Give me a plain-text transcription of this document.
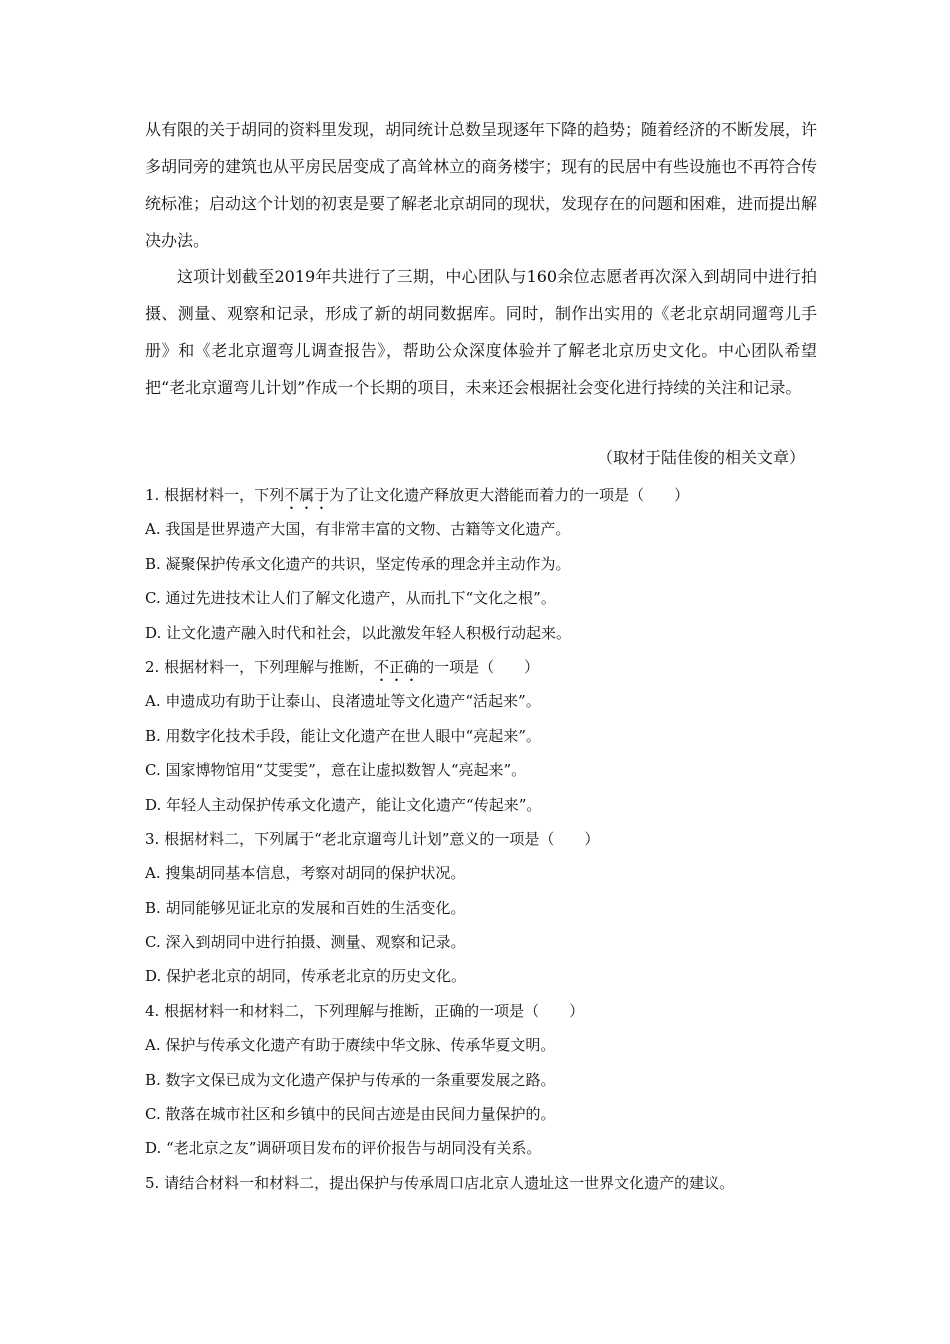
从有限的关于胡同的资料里发现，胡同统计总数呈现逐年下降的趋势；随着经济的不断发展，许多胡同旁的建筑也从平房民居变成了高耸林立的商务楼宇；现有的民居中有些设施也不再符合传统标准；启动这个计划的初衷是要了解老北京胡同的现状，发现存在的问题和困难，进而提出解决办法。

这项计划截至2019年共进行了三期，中心团队与160余位志愿者再次深入到胡同中进行拍摄、测量、观察和记录，形成了新的胡同数据库。同时，制作出实用的《老北京胡同遛弯儿手册》和《老北京遛弯儿调查报告》，帮助公众深度体验并了解老北京历史文化。中心团队希望把“老北京遛弯儿计划”作成一个长期的项目，未来还会根据社会变化进行持续的关注和记录。

（取材于陆佳俊的相关文章）

1. 根据材料一，下列不属于为了让文化遗产释放更大潜能而着力的一项是（　　）
A. 我国是世界遗产大国，有非常丰富的文物、古籍等文化遗产。
B. 凝聚保护传承文化遗产的共识，坚定传承的理念并主动作为。
C. 通过先进技术让人们了解文化遗产，从而扎下“文化之根”。
D. 让文化遗产融入时代和社会，以此激发年轻人积极行动起来。
2. 根据材料一，下列理解与推断，不正确的一项是（　　）
A. 申遗成功有助于让泰山、良渚遗址等文化遗产“活起来”。
B. 用数字化技术手段，能让文化遗产在世人眼中“亮起来”。
C. 国家博物馆用“艾雯雯”，意在让虚拟数智人“亮起来”。
D. 年轻人主动保护传承文化遗产，能让文化遗产“传起来”。
3. 根据材料二，下列属于“老北京遛弯儿计划”意义的一项是（　　）
A. 搜集胡同基本信息，考察对胡同的保护状况。
B. 胡同能够见证北京的发展和百姓的生活变化。
C. 深入到胡同中进行拍摄、测量、观察和记录。
D. 保护老北京的胡同，传承老北京的历史文化。
4. 根据材料一和材料二，下列理解与推断，正确的一项是（　　）
A. 保护与传承文化遗产有助于赓续中华文脉、传承华夏文明。
B. 数字文保已成为文化遗产保护与传承的一条重要发展之路。
C. 散落在城市社区和乡镇中的民间古迹是由民间力量保护的。
D. “老北京之友”调研项目发布的评价报告与胡同没有关系。
5. 请结合材料一和材料二，提出保护与传承周口店北京人遗址这一世界文化遗产的建议。
